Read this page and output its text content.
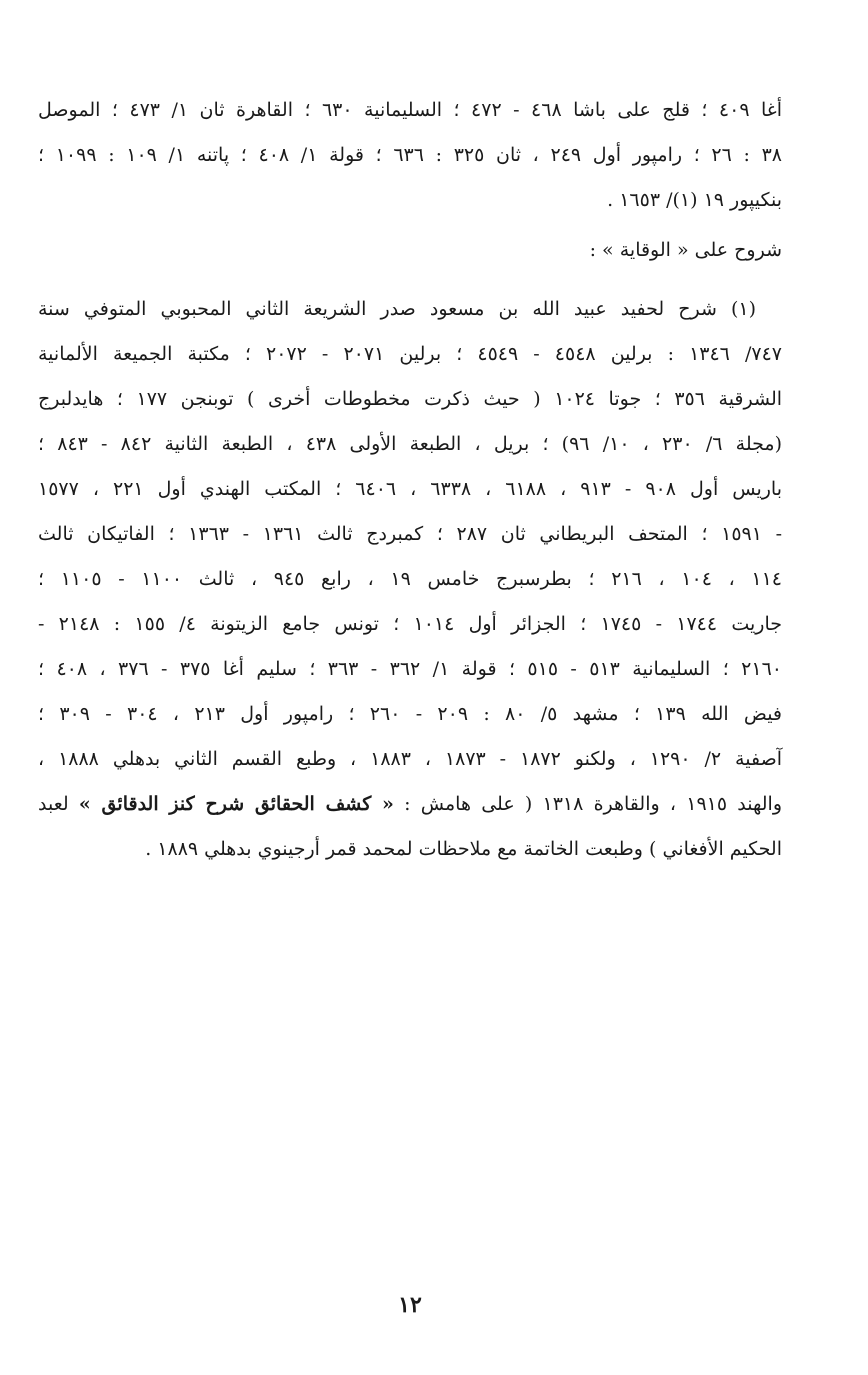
أغا ٤٠٩ ؛ قلج على باشا ٤٦٨ - ٤٧٢ ؛ السليمانية ٦٣٠ ؛ القاهرة ثان ١/ ٤٧٣ ؛ الموصل
٣٨ : ٢٦ ؛ رامپور أول ٢٤٩ ، ثان ٣٢٥ : ٦٣٦ ؛ قولة ١/ ٤٠٨ ؛ پاتنه ١/ ١٠٩ : ١٠٩٩ ؛
بنكيپور ١٩ (١)/ ١٦٥٣ .
شروح على « الوقاية » :
(١) شرح لحفيد عبيد الله بن مسعود صدر الشريعة الثاني المحبوبي المتوفي سنة
٧٤٧/ ١٣٤٦ : برلين ٤٥٤٨ - ٤٥٤٩ ؛ برلين ٢٠٧١ - ٢٠٧٢ ؛ مكتبة الجميعة الألمانية
الشرقية ٣٥٦ ؛ جوتا ١٠٢٤ ( حيث ذكرت مخطوطات أخرى ) توبنجن ١٧٧ ؛ هايدلبرج
(مجلة ٦/ ٢٣٠ ، ١٠/ ٩٦) ؛ بريل ، الطبعة الأولى ٤٣٨ ، الطبعة الثانية ٨٤٢ - ٨٤٣ ؛
باريس أول ٩٠٨ - ٩١٣ ، ٦١٨٨ ، ٦٣٣٨ ، ٦٤٠٦ ؛ المكتب الهندي أول ٢٢١ ، ١٥٧٧
- ١٥٩١ ؛ المتحف البريطاني ثان ٢٨٧ ؛ كمبردج ثالث ١٣٦١ - ١٣٦٣ ؛ الفاتيكان ثالث
١١٤ ، ١٠٤ ، ٢١٦ ؛ بطرسبرج خامس ١٩ ، رابع ٩٤٥ ، ثالث ١١٠٠ - ١١٠٥ ؛
جاريت ١٧٤٤ - ١٧٤٥ ؛ الجزائر أول ١٠١٤ ؛ تونس جامع الزيتونة ٤/ ١٥٥ : ٢١٤٨ -
٢١٦٠ ؛ السليمانية ٥١٣ - ٥١٥ ؛ قولة ١/ ٣٦٢ - ٣٦٣ ؛ سليم أغا ٣٧٥ - ٣٧٦ ، ٤٠٨ ؛
فيض الله ١٣٩ ؛ مشهد ٥/ ٨٠ : ٢٠٩ - ٢٦٠ ؛ رامپور أول ٢١٣ ، ٣٠٤ - ٣٠٩ ؛
آصفية ٢/ ١٢٩٠ ، ولكنو ١٨٧٢ - ١٨٧٣ ، ١٨٨٣ ، وطبع القسم الثاني بدهلي ١٨٨٨ ،
والهند ١٩١٥ ، والقاهرة ١٣١٨ ( على هامش : « كشف الحقائق شرح كنز الدقائق » لعبد
الحكيم الأفغاني ) وطبعت الخاتمة مع ملاحظات لمحمد قمر أرجينوي بدهلي ١٨٨٩ .
١٢
